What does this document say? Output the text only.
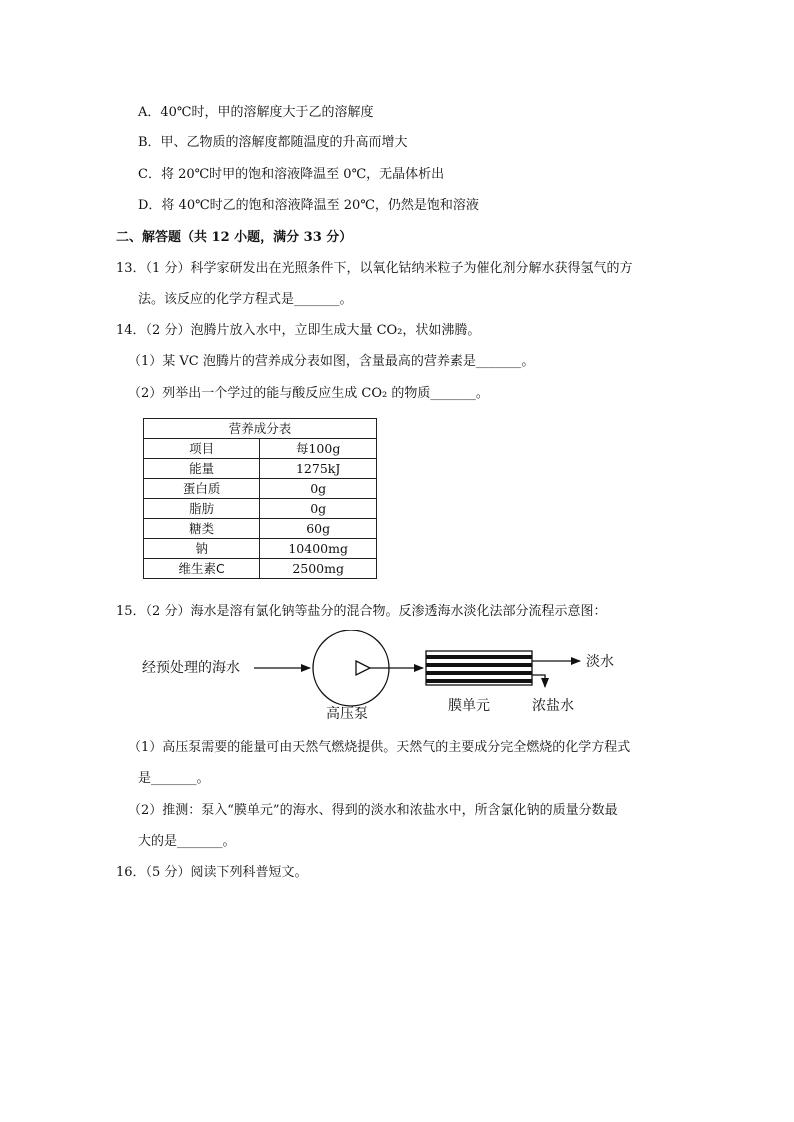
A．40℃时，甲的溶解度大于乙的溶解度
B．甲、乙物质的溶解度都随温度的升高而增大
C．将 20℃时甲的饱和溶液降温至 0℃，无晶体析出
D．将 40℃时乙的饱和溶液降温至 20℃，仍然是饱和溶液
二、解答题（共 12 小题，满分 33 分）
13．（1 分）科学家研发出在光照条件下，以氧化钴纳米粒子为催化剂分解水获得氢气的方
法。该反应的化学方程式是_______。
14．（2 分）泡腾片放入水中，立即生成大量 CO₂，状如沸腾。
（1）某 VC 泡腾片的营养成分表如图，含量最高的营养素是_______。
（2）列举出一个学过的能与酸反应生成 CO₂ 的物质_______。
营养成分表	
项目	每100g
能量	1275kJ
蛋白质	0g
脂肪	0g
糖类	60g
钠	10400mg
维生素C	2500mg
15．（2 分）海水是溶有氯化钠等盐分的混合物。反渗透海水淡化法部分流程示意图：
经预处理的海水
高压泵	膜单元
淡水
浓盐水
（1）高压泵需要的能量可由天然气燃烧提供。天然气的主要成分完全燃烧的化学方程式
是_______。
（2）推测：泵入“膜单元”的海水、得到的淡水和浓盐水中，所含氯化钠的质量分数最
大的是_______。
16．（5 分）阅读下列科普短文。
